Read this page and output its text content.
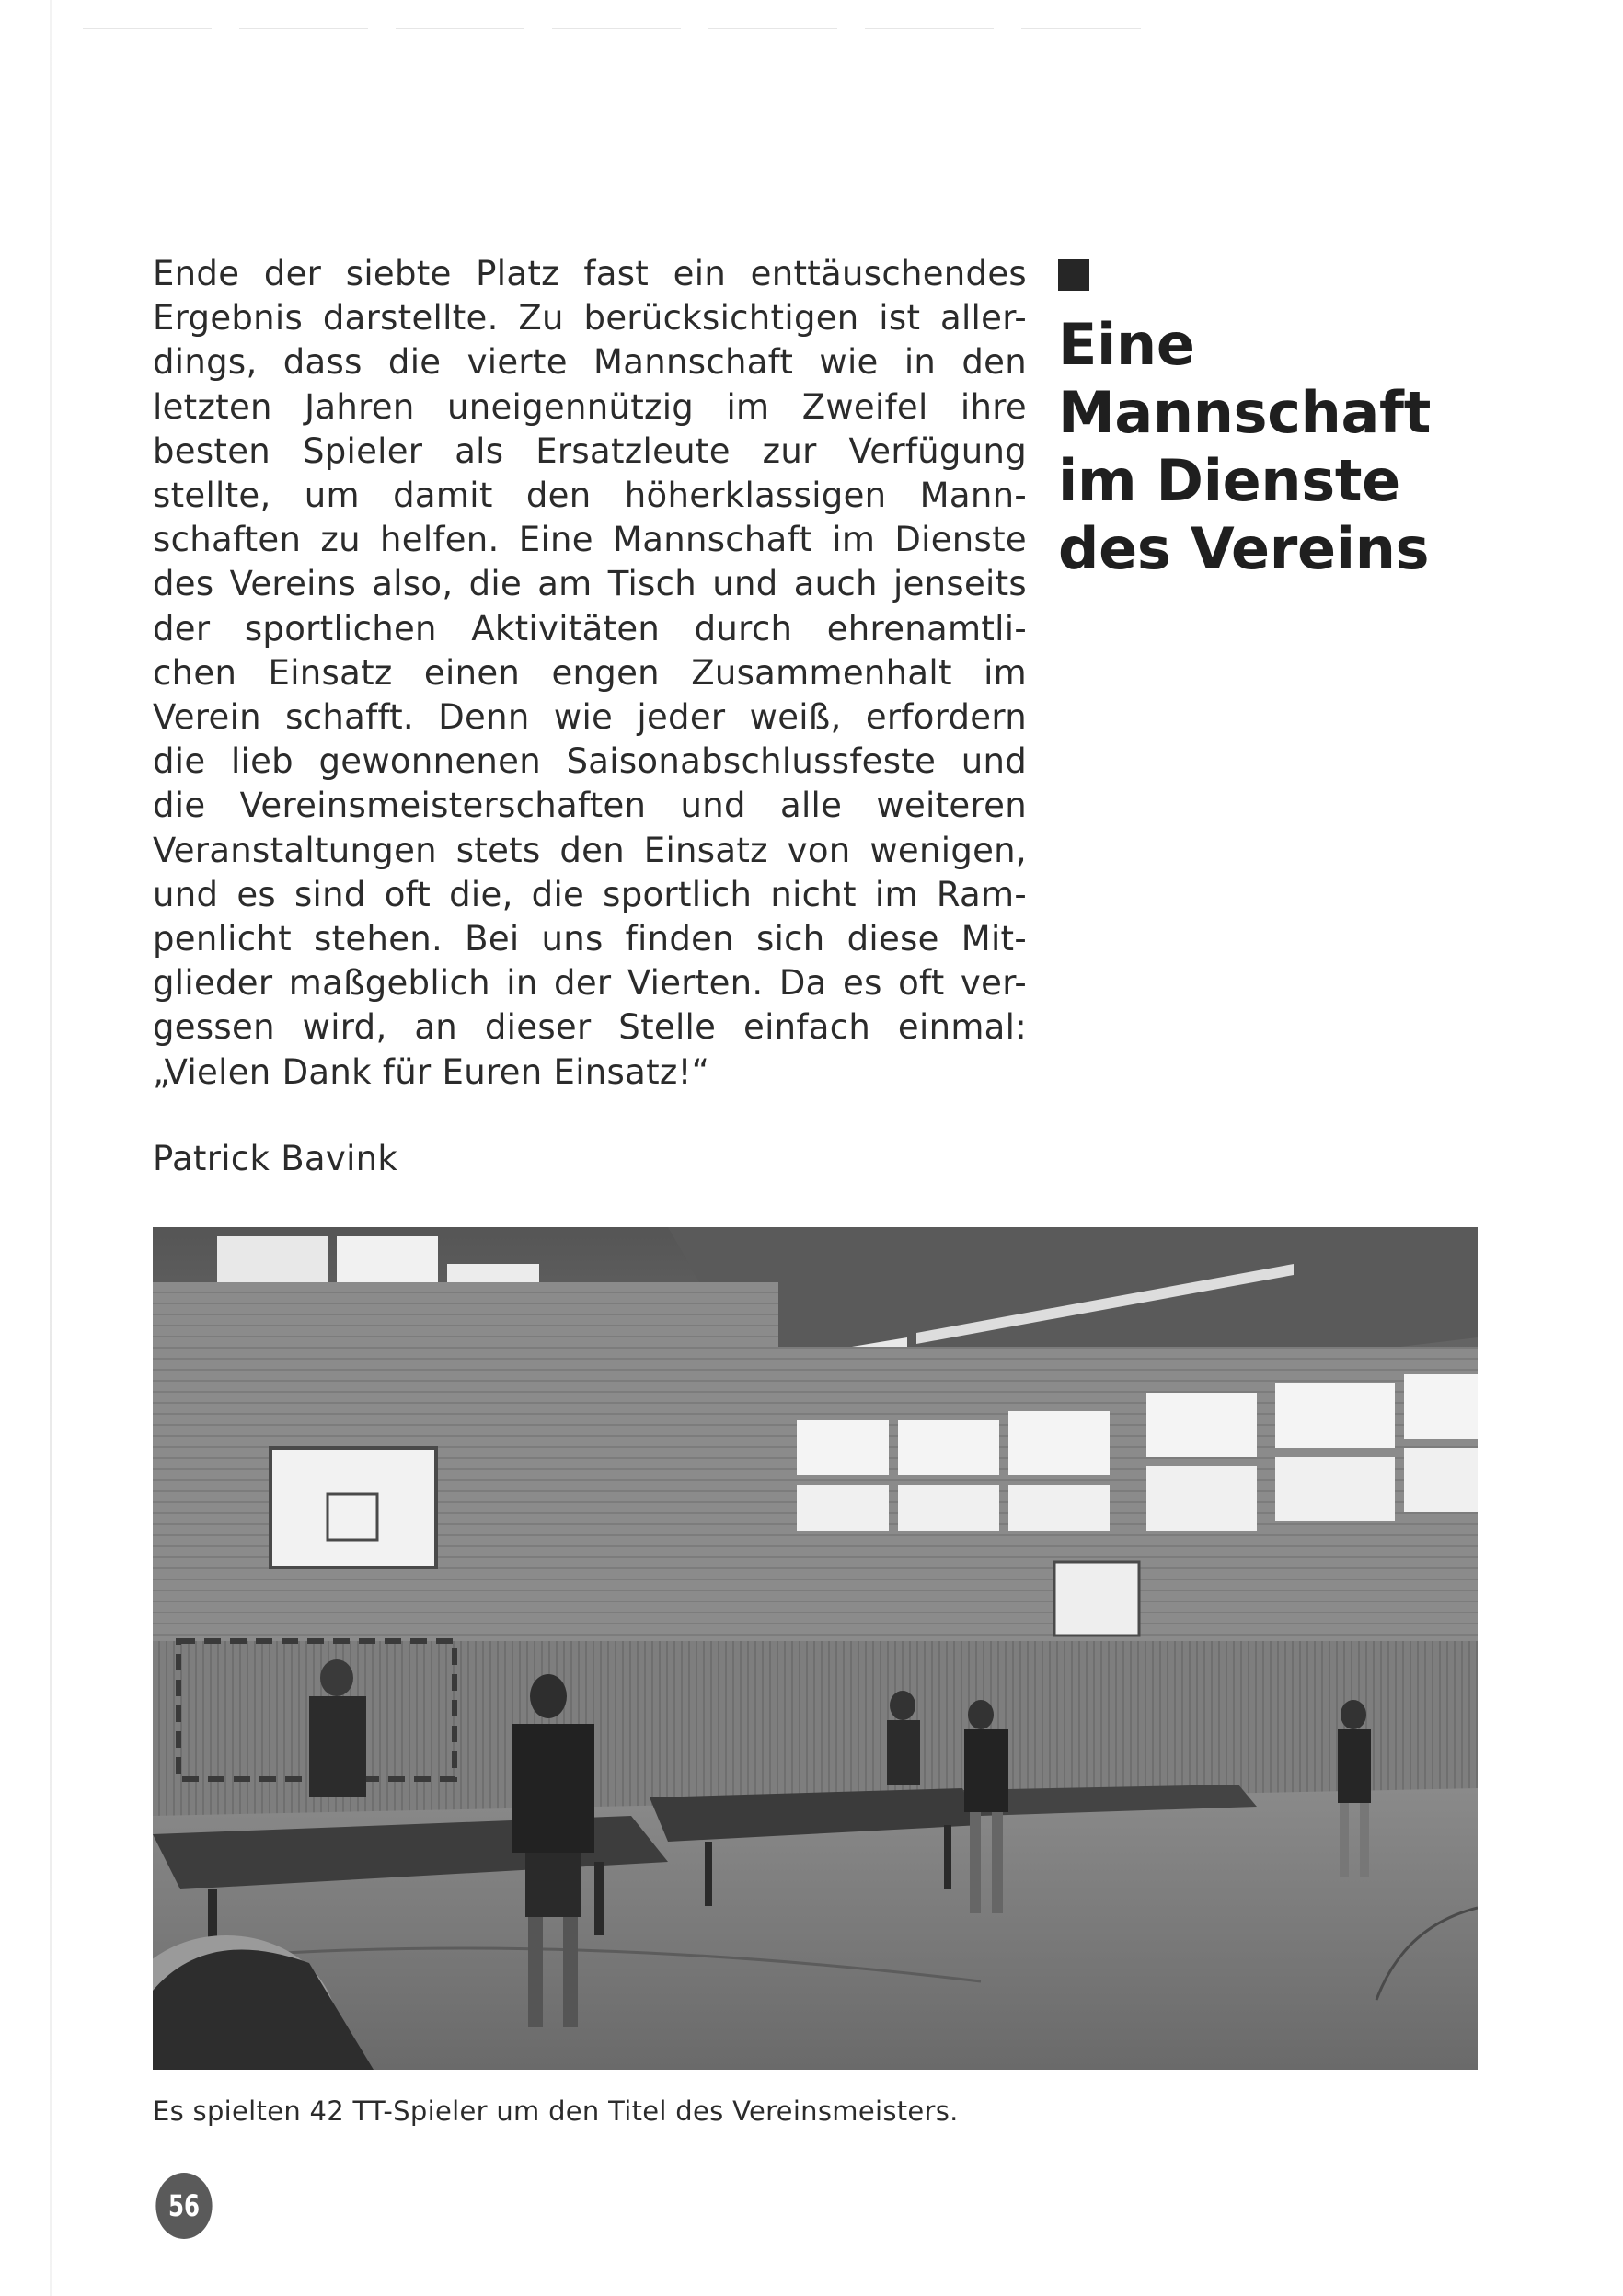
Ende der siebte Platz fast ein enttäuschendes
Ergebnis darstellte. Zu berücksichtigen ist aller-
dings, dass die vierte Mannschaft wie in den
letzten Jahren uneigennützig im Zweifel ihre
besten Spieler als Ersatzleute zur Verfügung
stellte, um damit den höherklassigen Mann-
schaften zu helfen. Eine Mannschaft im Dienste
des Vereins also, die am Tisch und auch jenseits
der sportlichen Aktivitäten durch ehrenamtli-
chen Einsatz einen engen Zusammenhalt im
Verein schafft. Denn wie jeder weiß, erfordern
die lieb gewonnenen Saisonabschlussfeste und
die Vereinsmeisterschaften und alle weiteren
Veranstaltungen stets den Einsatz von wenigen,
und es sind oft die, die sportlich nicht im Ram-
penlicht stehen. Bei uns finden sich diese Mit-
glieder maßgeblich in der Vierten. Da es oft ver-
gessen wird, an dieser Stelle einfach einmal:
„Vielen Dank für Euren Einsatz!“
Patrick Bavink
Eine
Mannschaft
im Dienste
des Vereins
Es spielten 42 TT-Spieler um den Titel des Vereinsmeisters.
56
